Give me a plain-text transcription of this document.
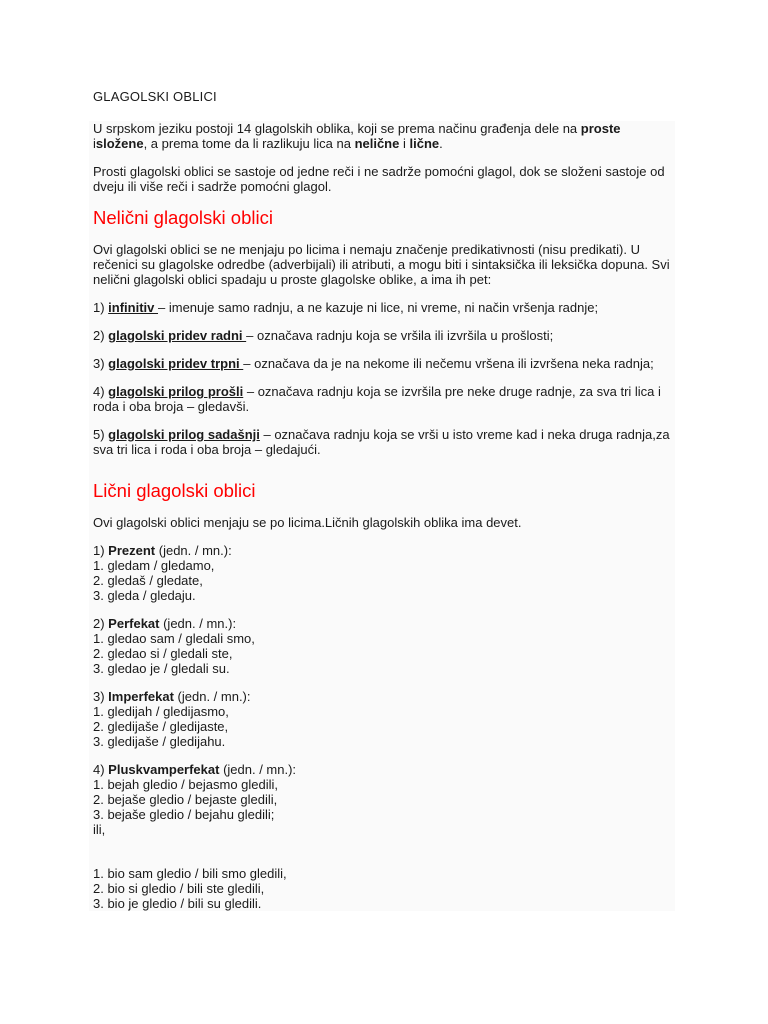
GLAGOLSKI OBLICI

U srpskom jeziku postoji 14 glagolskih oblika, koji se prema načinu građenja dele na proste
isložene, a prema tome da li razlikuju lica na nelične i lične.

Prosti glagolski oblici se sastoje od jedne reči i ne sadrže pomoćni glagol, dok se složeni sastoje od dveju ili više reči i sadrže pomoćni glagol.

Nelični glagolski oblici

Ovi glagolski oblici se ne menjaju po licima i nemaju značenje predikativnosti (nisu predikati). U rečenici su glagolske odredbe (adverbijali) ili atributi, a mogu biti i sintaksička ili leksička dopuna. Svi nelični glagolski oblici spadaju u proste glagolske oblike, a ima ih pet:

1) infinitiv – imenuje samo radnju, a ne kazuje ni lice, ni vreme, ni način vršenja radnje;

2) glagolski pridev radni – označava radnju koja se vršila ili izvršila u prošlosti;

3) glagolski pridev trpni – označava da je na nekome ili nečemu vršena ili izvršena neka radnja;

4) glagolski prilog prošli – označava radnju koja se izvršila pre neke druge radnje, za sva tri lica i roda i oba broja – gledavši.

5) glagolski prilog sadašnji – označava radnju koja se vrši u isto vreme kad i neka druga radnja,za sva tri lica i roda i oba broja – gledajući.

Lični glagolski oblici

Ovi glagolski oblici menjaju se po licima.Ličnih glagolskih oblika ima devet.

1) Prezent (jedn. / mn.):

1. gledam / gledamo,

2. gledaš / gledate,

3. gleda / gledaju.

2) Perfekat (jedn. / mn.):

1. gledao sam / gledali smo,

2. gledao si / gledali ste,

3. gledao je / gledali su.

3) Imperfekat (jedn. / mn.):

1. gledijah / gledijasmo,

2. gledijaše / gledijaste,

3. gledijaše / gledijahu.

4) Pluskvamperfekat (jedn. / mn.):

1. bejah gledio / bejasmo gledili,

2. bejaše gledio / bejaste gledili,

3. bejaše gledio / bejahu gledili;

ili,

1. bio sam gledio / bili smo gledili,

2. bio si gledio / bili ste gledili,

3. bio je gledio / bili su gledili.
